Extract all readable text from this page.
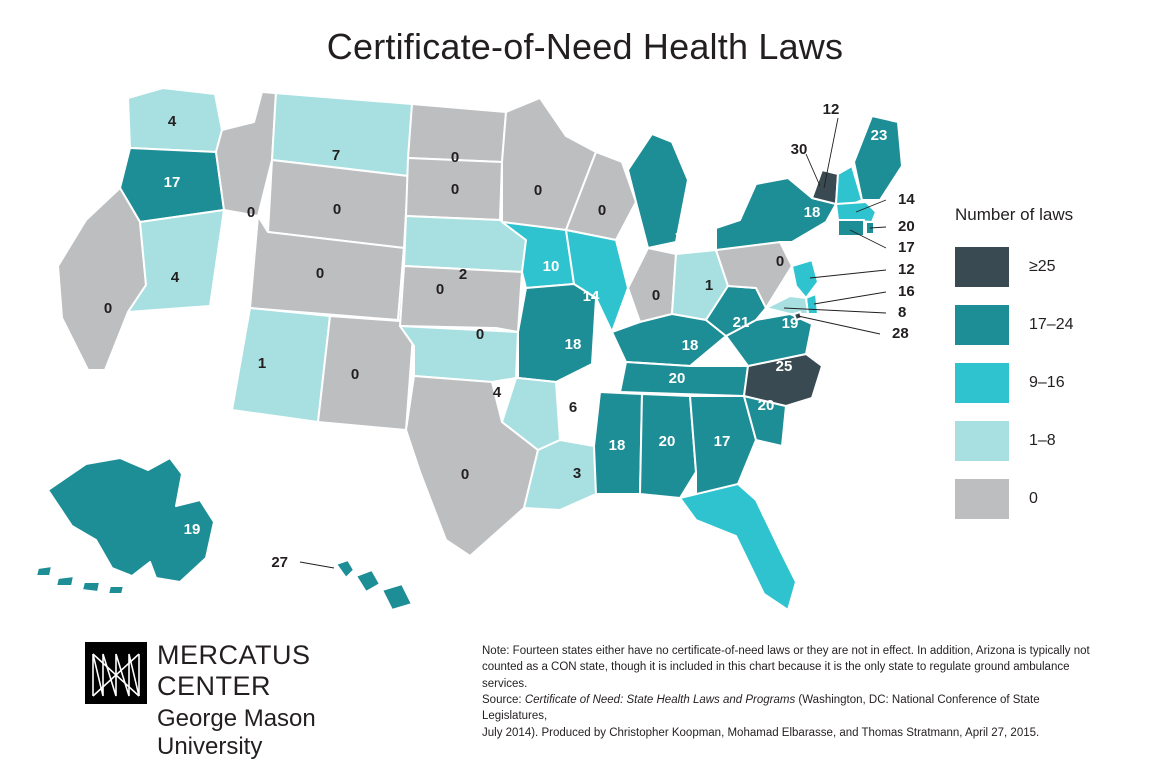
Certificate-of-Need Health Laws
4
17
0
4
0
7
0
0
1
0
0
0
0
2
0
4
0
0
10
18
6
3
0
14
18
0
1
18
20
18 20	17
11
20
25
19
21
0
18
23
19
12
30
14
20
17
12
16
8
28
27
Number of laws
≥25
17–24
9–16
1–8
0
MERCATUS CENTER
George Mason University
Note: Fourteen states either have no certificate-of-need laws or they are not in effect. In addition, Arizona is typically not
counted as a CON state, though it is included in this chart because it is the only state to regulate ground ambulance services.
Source: Certificate of Need: State Health Laws and Programs (Washington, DC: National Conference of State Legislatures,
July 2014). Produced by Christopher Koopman, Mohamad Elbarasse, and Thomas Stratmann, April 27, 2015.
